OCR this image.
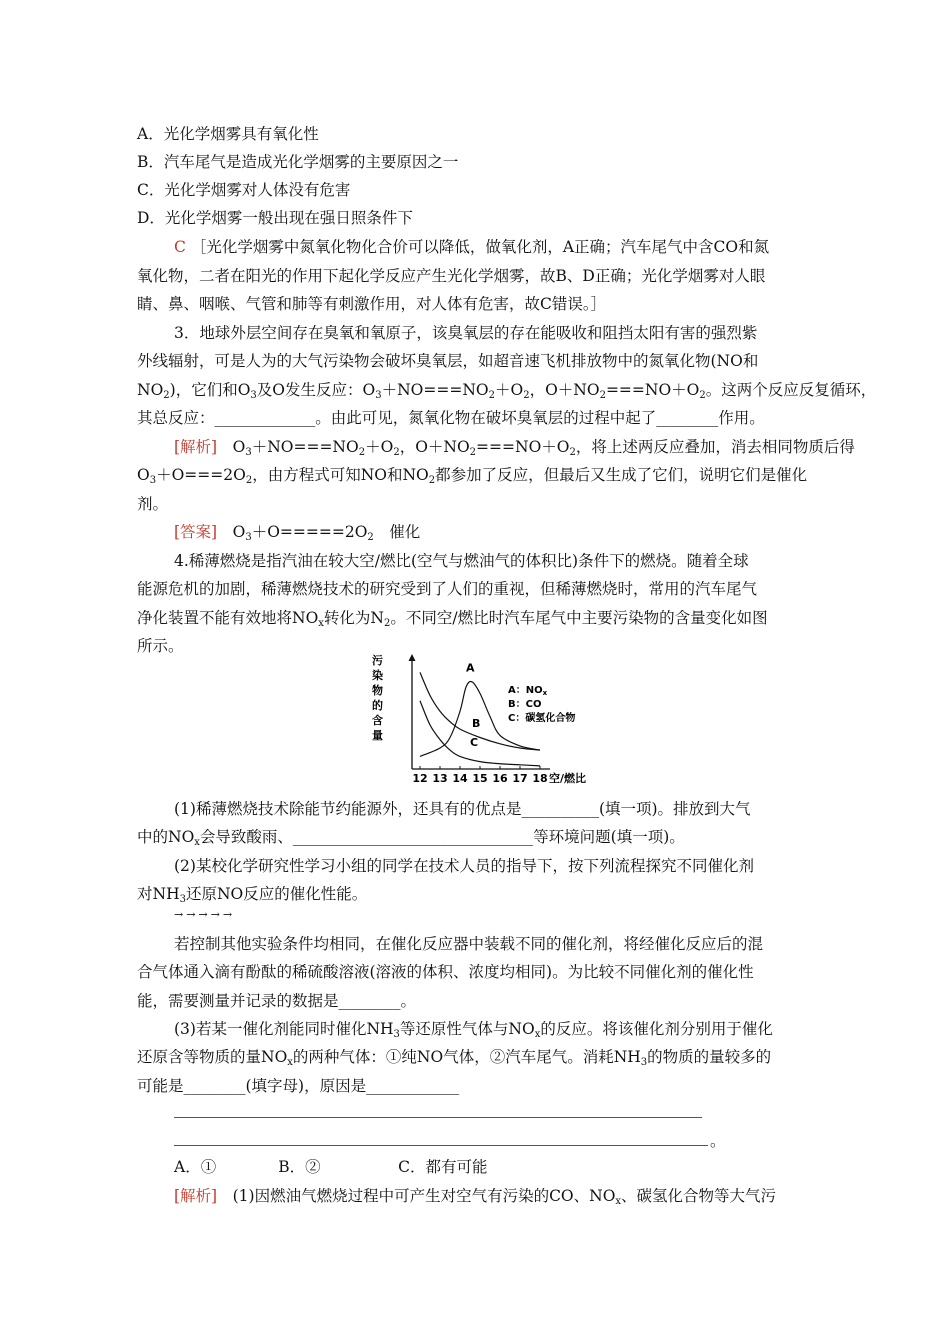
A．光化学烟雾具有氧化性
B．汽车尾气是造成光化学烟雾的主要原因之一
C．光化学烟雾对人体没有危害
D．光化学烟雾一般出现在强日照条件下
C ［光化学烟雾中氮氧化物化合价可以降低，做氧化剂，A正确；汽车尾气中含CO和氮
氧化物，二者在阳光的作用下起化学反应产生光化学烟雾，故B、D正确；光化学烟雾对人眼
睛、鼻、咽喉、气管和肺等有刺激作用，对人体有危害，故C错误。］
3．地球外层空间存在臭氧和氧原子，该臭氧层的存在能吸收和阻挡太阳有害的强烈紫
外线辐射，可是人为的大气污染物会破坏臭氧层，如超音速飞机排放物中的氮氧化物(NO和
$NO_2$)，它们和$O_3$及O发生反应：$O_3+NO===NO_2+O_2$，$O+NO_2===NO+O_2$。这两个反应反复循环，
其总反应：_____________。由此可见，氮氧化物在破坏臭氧层的过程中起了________作用。
[解析]　$O_3+NO===NO_2+O_2$，$O+NO_2===NO+O_2$，将上述两反应叠加，消去相同物质后得
$O_3+O===2O_2$，由方程式可知NO和$NO_2$都参加了反应，但最后又生成了它们，说明它们是催化
剂。
[答案]　$O_3+O=====2O_2$　催化
4.稀薄燃烧是指汽油在较大空/燃比(空气与燃油气的体积比)条件下的燃烧。随着全球
能源危机的加剧，稀薄燃烧技术的研究受到了人们的重视，但稀薄燃烧时，常用的汽车尾气
净化装置不能有效地将$NO_x$转化为$N_2$。不同空/燃比时汽车尾气中主要污染物的含量变化如图
所示。
污
染
物
的
含
量
12 13 14 15 16 17 18
A
B
C
空/燃比
A：$NO_x$
B：CO
C：碳氢化合物
(1)稀薄燃烧技术除能节约能源外，还具有的优点是__________(填一项)。排放到大气
中的$NO_x$会导致酸雨、_______________________________等环境问题(填一项)。
(2)某校化学研究性学习小组的同学在技术人员的指导下，按下列流程探究不同催化剂
对$NH_3$还原NO反应的催化性能。
→→→→→
若控制其他实验条件均相同，在催化反应器中装载不同的催化剂，将经催化反应后的混
合气体通入滴有酚酞的稀硫酸溶液(溶液的体积、浓度均相同)。为比较不同催化剂的催化性
能，需要测量并记录的数据是________。
(3)若某一催化剂能同时催化$NH_3$等还原性气体与$NO_x$的反应。将该催化剂分别用于催化
还原含等物质的量$NO_x$的两种气体：①纯NO气体，②汽车尾气。消耗$NH_3$的物质的量较多的
可能是________(填字母)，原因是____________
。
A．①　　　　B．②　　　　　C．都有可能
[解析]　(1)因燃油气燃烧过程中可产生对空气有污染的CO、$NO_x$、碳氢化合物等大气污
